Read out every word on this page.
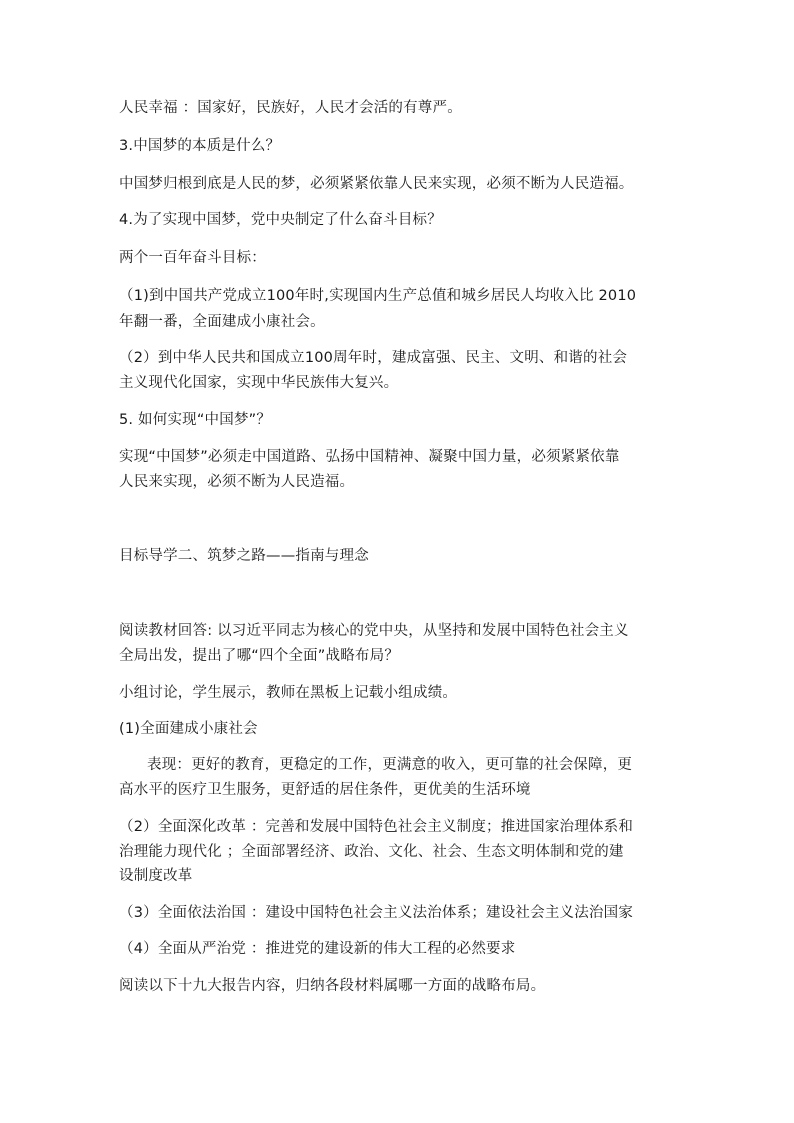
人民幸福 ：国家好，民族好，人民才会活的有尊严。
3.中国梦的本质是什么？
中国梦归根到底是人民的梦，必须紧紧依靠人民来实现，必须不断为人民造福。
4.为了实现中国梦，党中央制定了什么奋斗目标？
两个一百年奋斗目标：
（1)到中国共产党成立100年时,实现国内生产总值和城乡居民人均收入比 2010
年翻一番，全面建成小康社会。
（2）到中华人民共和国成立100周年时，建成富强、民主、文明、和谐的社会
主义现代化国家，实现中华民族伟大复兴。
5. 如何实现“中国梦”？
实现“中国梦”必须走中国道路、弘扬中国精神、凝聚中国力量，必须紧紧依靠
人民来实现，必须不断为人民造福。
目标导学二、筑梦之路——指南与理念
阅读教材回答: 以习近平同志为核心的党中央，从坚持和发展中国特色社会主义
全局出发，提出了哪“四个全面”战略布局？
小组讨论，学生展示，教师在黑板上记载小组成绩。
(1)全面建成小康社会
表现：更好的教育，更稳定的工作，更满意的收入，更可靠的社会保障，更
高水平的医疗卫生服务，更舒适的居住条件，更优美的生活环境
（2）全面深化改革 ：完善和发展中国特色社会主义制度；推进国家治理体系和
治理能力现代化 ；全面部署经济、政治、文化、社会、生态文明体制和党的建
设制度改革
（3）全面依法治国 ：建设中国特色社会主义法治体系；建设社会主义法治国家
（4）全面从严治党 ：推进党的建设新的伟大工程的必然要求
阅读以下十九大报告内容，归纳各段材料属哪一方面的战略布局。
